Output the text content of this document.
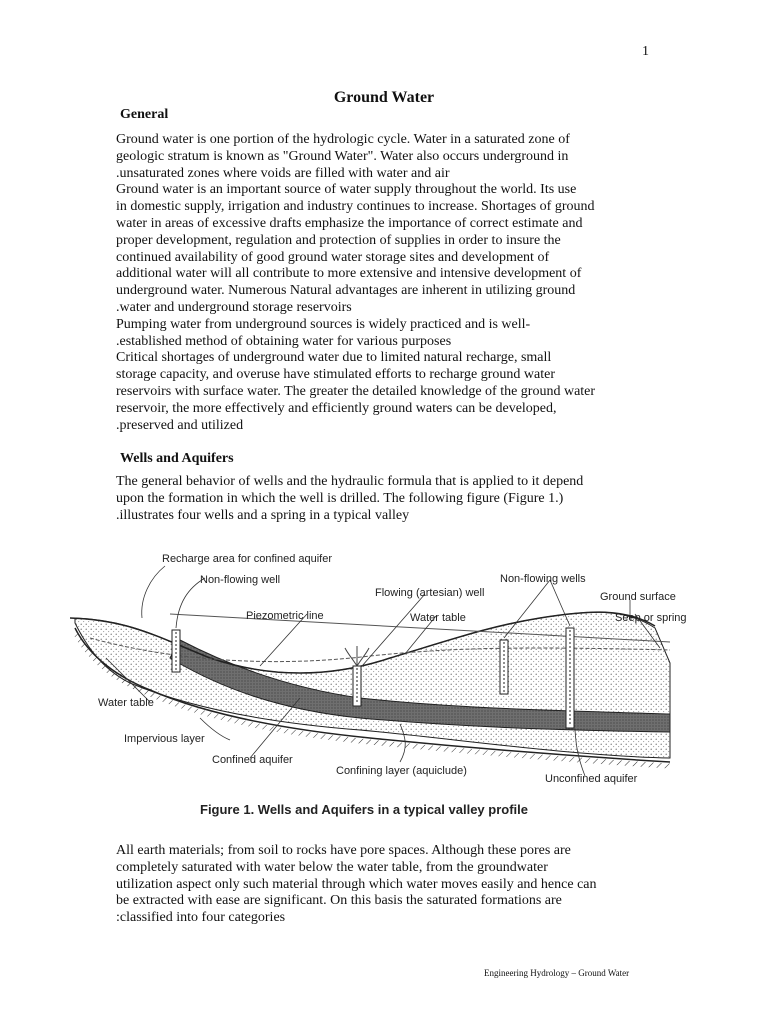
1
Ground Water
General
Ground water is one portion of the hydrologic cycle. Water in a saturated zone of
geologic stratum is known as "Ground Water". Water also occurs underground in
.unsaturated zones where voids are filled with water and air
Ground water is an important source of water supply throughout the world. Its use
in domestic supply, irrigation and industry continues to increase. Shortages of ground
water in areas of excessive drafts emphasize the importance of correct estimate and
proper development, regulation and protection of supplies in order to insure the
continued availability of good ground water storage sites and development of
additional water will all contribute to more extensive and intensive development of
underground water. Numerous Natural advantages are inherent in utilizing ground
.water and underground storage reservoirs
Pumping water from underground sources is widely practiced and is well-
.established method of obtaining water for various purposes
Critical shortages of underground water due to limited natural recharge, small
storage capacity, and overuse have stimulated efforts to recharge ground water
reservoirs with surface water. The greater the detailed knowledge of the ground water
reservoir, the more effectively and efficiently ground waters can be developed,
.preserved and utilized
Wells and Aquifers
The general behavior of wells and the hydraulic formula that is applied to it depend
upon the formation in which the well is drilled. The following figure (Figure 1.)
.illustrates four wells and a spring in a typical valley
Recharge area for confined aquifer
Non-flowing well
Piezometric line
Flowing (artesian) well
Water table
Non-flowing wells
Ground surface
Seep or spring
Water table
Impervious layer
Confined aquifer
Confining layer (aquiclude)
Unconfined aquifer
Figure 1. Wells and Aquifers in a typical valley profile
All earth materials; from soil to rocks have pore spaces. Although these pores are
completely saturated with water below the water table, from the groundwater
utilization aspect only such material through which water moves easily and hence can
be extracted with ease are significant. On this basis the saturated formations are
:classified into four categories
Engineering Hydrology – Ground Water
